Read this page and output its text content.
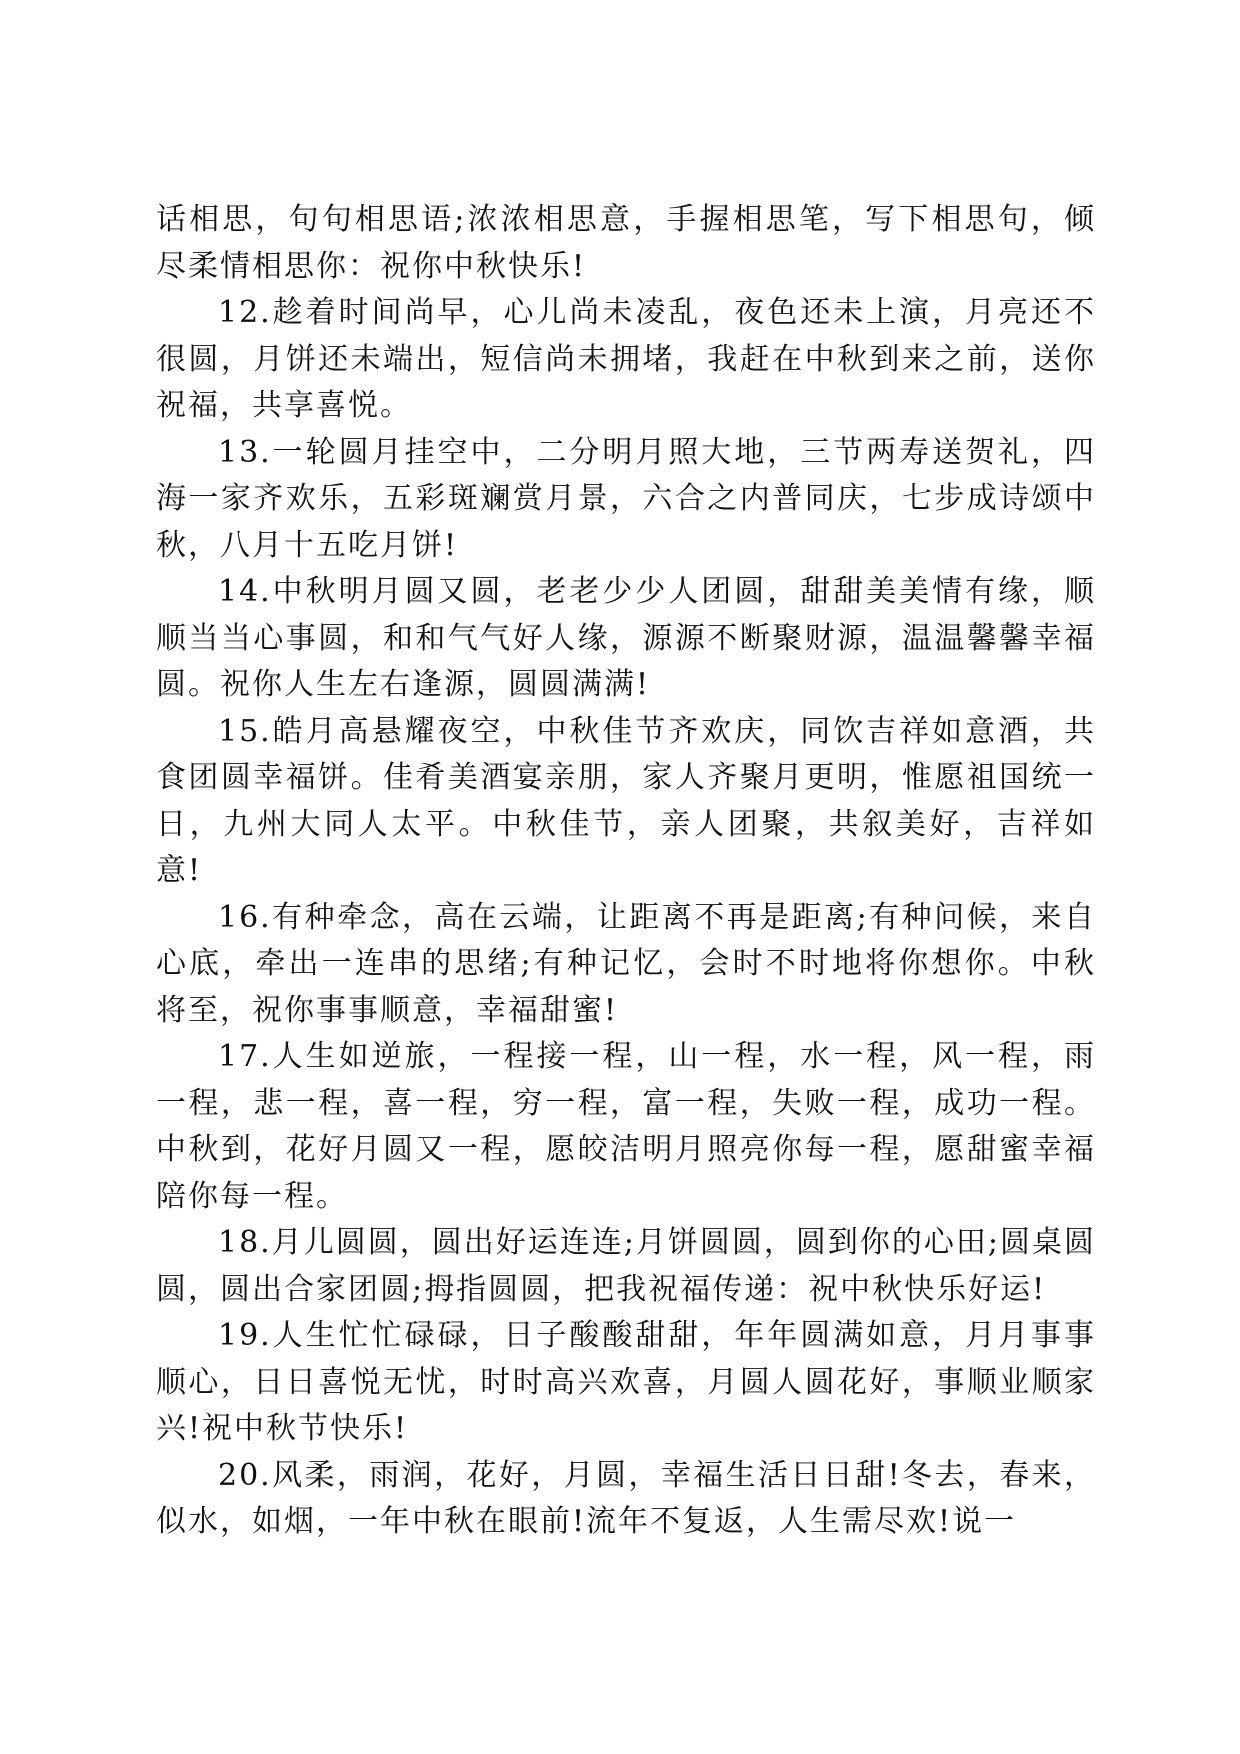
话相思，句句相思语;浓浓相思意，手握相思笔，写下相思句，倾尽柔情相思你：祝你中秋快乐!

12.趁着时间尚早，心儿尚未凌乱，夜色还未上演，月亮还不很圆，月饼还未端出，短信尚未拥堵，我赶在中秋到来之前，送你祝福，共享喜悦。

13.一轮圆月挂空中，二分明月照大地，三节两寿送贺礼，四海一家齐欢乐，五彩斑斓赏月景，六合之内普同庆，七步成诗颂中秋，八月十五吃月饼!

14.中秋明月圆又圆，老老少少人团圆，甜甜美美情有缘，顺顺当当心事圆，和和气气好人缘，源源不断聚财源，温温馨馨幸福圆。祝你人生左右逢源，圆圆满满!

15.皓月高悬耀夜空，中秋佳节齐欢庆，同饮吉祥如意酒，共食团圆幸福饼。佳肴美酒宴亲朋，家人齐聚月更明，惟愿祖国统一日，九州大同人太平。中秋佳节，亲人团聚，共叙美好，吉祥如意!

16.有种牵念，高在云端，让距离不再是距离;有种问候，来自心底，牵出一连串的思绪;有种记忆，会时不时地将你想你。中秋将至，祝你事事顺意，幸福甜蜜!

17.人生如逆旅，一程接一程，山一程，水一程，风一程，雨一程，悲一程，喜一程，穷一程，富一程，失败一程，成功一程。中秋到，花好月圆又一程，愿皎洁明月照亮你每一程，愿甜蜜幸福陪你每一程。

18.月儿圆圆，圆出好运连连;月饼圆圆，圆到你的心田;圆桌圆圆，圆出合家团圆;拇指圆圆，把我祝福传递：祝中秋快乐好运!

19.人生忙忙碌碌，日子酸酸甜甜，年年圆满如意，月月事事顺心，日日喜悦无忧，时时高兴欢喜，月圆人圆花好，事顺业顺家兴!祝中秋节快乐!

20.风柔，雨润，花好，月圆，幸福生活日日甜!冬去，春来，似水，如烟，一年中秋在眼前!流年不复返，人生需尽欢!说一
